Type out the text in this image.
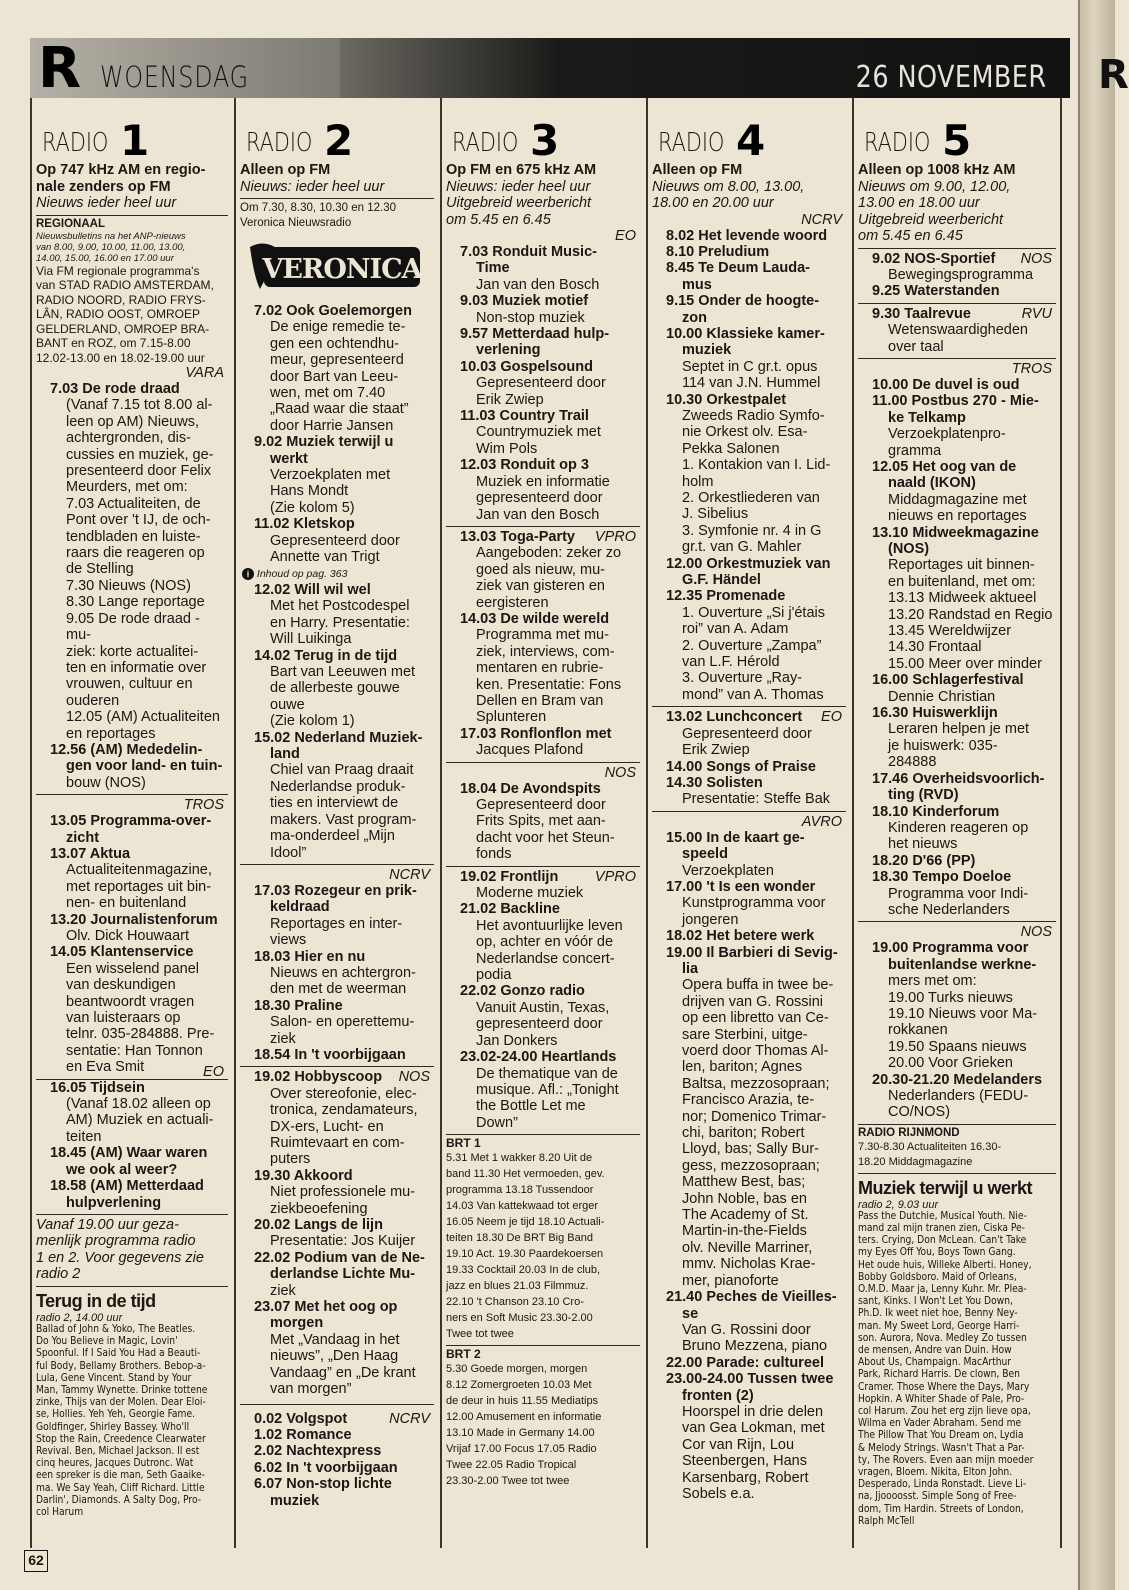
R
R WOENSDAG	26 NOVEMBER
RADIO 1
Op 747 kHz AM en regio-
nale zenders op FM
Nieuws ieder heel uur
REGIONAAL
Nieuwsbulletins na het ANP-nieuws
van 8.00, 9.00, 10.00, 11.00, 13.00,
14.00, 15.00, 16.00 en 17.00 uur
Via FM regionale programma's
van STAD RADIO AMSTERDAM,
RADIO NOORD, RADIO FRYS-
LÂN, RADIO OOST, OMROEP
GELDERLAND, OMROEP BRA-
BANT en ROZ, om 7.15-8.00
12.02-13.00 en 18.02-19.00 uur
VARA
7.03 De rode draad
(Vanaf 7.15 tot 8.00 al-
leen op AM) Nieuws,
achtergronden, dis-
cussies en muziek, ge-
presenteerd door Felix
Meurders, met om:
7.03 Actualiteiten, de
Pont over 't IJ, de och-
tendbladen en luiste-
raars die reageren op
de Stelling
7.30 Nieuws (NOS)
8.30 Lange reportage
9.05 De rode draad - mu-
ziek: korte actualitei-
ten en informatie over
vrouwen, cultuur en
ouderen
12.05 (AM) Actualiteiten
en reportages
12.56 (AM) Mededelin-
gen voor land- en tuin-
bouw (NOS)
TROS
13.05 Programma-over-
zicht
13.07 Aktua
Actualiteitenmagazine,
met reportages uit bin-
nen- en buitenland
13.20 Journalistenforum
Olv. Dick Houwaart
14.05 Klantenservice
Een wisselend panel
van deskundigen
beantwoordt vragen
van luisteraars op
telnr. 035-284888. Pre-
sentatie: Han Tonnon
en Eva Smit	EO
16.05 Tijdsein
(Vanaf 18.02 alleen op
AM) Muziek en actuali-
teiten
18.45 (AM) Waar waren
we ook al weer?
18.58 (AM) Metterdaad
hulpverlening
Vanaf 19.00 uur geza-
menlijk programma radio
1 en 2. Voor gegevens zie
radio 2
Terug in de tijd
radio 2, 14.00 uur
Ballad of John & Yoko, The Beatles.
Do You Believe in Magic, Lovin'
Spoonful. If I Said You Had a Beauti-
ful Body, Bellamy Brothers. Bebop-a-
Lula, Gene Vincent. Stand by Your
Man, Tammy Wynette. Drinke tottene
zinke, Thijs van der Molen. Dear Eloi-
se, Hollies. Yeh Yeh, Georgie Fame.
Goldfinger, Shirley Bassey. Who'll
Stop the Rain, Creedence Clearwater
Revival. Ben, Michael Jackson. Il est
cinq heures, Jacques Dutronc. Wat
een spreker is die man, Seth Gaaike-
ma. We Say Yeah, Cliff Richard. Little
Darlin', Diamonds. A Salty Dog, Pro-
col Harum
RADIO 2
Alleen op FM
Nieuws: ieder heel uur
Om 7.30, 8.30, 10.30 en 12.30
Veronica Nieuwsradio
VERONICA
7.02 Ook Goelemorgen
De enige remedie te-
gen een ochtendhu-
meur, gepresenteerd
door Bart van Leeu-
wen, met om 7.40
„Raad waar die staat”
door Harrie Jansen
9.02 Muziek terwijl u
werkt
Verzoekplaten met
Hans Mondt
(Zie kolom 5)
11.02 Kletskop
Gepresenteerd door
Annette van Trigt
i Inhoud op pag. 363
12.02 Will wil wel
Met het Postcodespel
en Harry. Presentatie:
Will Luikinga
14.02 Terug in de tijd
Bart van Leeuwen met
de allerbeste gouwe
ouwe
(Zie kolom 1)
15.02 Nederland Muziek-
land
Chiel van Praag draait
Nederlandse produk-
ties en interviewt de
makers. Vast program-
ma-onderdeel „Mijn
Idool”
NCRV
17.03 Rozegeur en prik-
keldraad
Reportages en inter-
views
18.03 Hier en nu
Nieuws en achtergron-
den met de weerman
18.30 Praline
Salon- en operettemu-
ziek
18.54 In 't voorbijgaan
NOS
19.02 Hobbyscoop
Over stereofonie, elec-
tronica, zendamateurs,
DX-ers, Lucht- en
Ruimtevaart en com-
puters
19.30 Akkoord
Niet professionele mu-
ziekbeoefening
20.02 Langs de lijn
Presentatie: Jos Kuijer
22.02 Podium van de Ne-
derlandse Lichte Mu-
ziek
23.07 Met het oog op
morgen
Met „Vandaag in het
nieuws”, „Den Haag
Vandaag” en „De krant
van morgen”
NCRV
0.02 Volgspot
1.02 Romance
2.02 Nachtexpress
6.02 In 't voorbijgaan
6.07 Non-stop lichte
muziek
RADIO 3
Op FM en 675 kHz AM
Nieuws: ieder heel uur
Uitgebreid weerbericht
om 5.45 en 6.45
EO
7.03 Ronduit Music-
Time
Jan van den Bosch
9.03 Muziek motief
Non-stop muziek
9.57 Metterdaad hulp-
verlening
10.03 Gospelsound
Gepresenteerd door
Erik Zwiep
11.03 Country Trail
Countrymuziek met
Wim Pols
12.03 Ronduit op 3
Muziek en informatie
gepresenteerd door
Jan van den Bosch
VPRO
13.03 Toga-Party
Aangeboden: zeker zo
goed als nieuw, mu-
ziek van gisteren en
eergisteren
14.03 De wilde wereld
Programma met mu-
ziek, interviews, com-
mentaren en rubrie-
ken. Presentatie: Fons
Dellen en Bram van
Splunteren
17.03 Ronflonflon met
Jacques Plafond
NOS
18.04 De Avondspits
Gepresenteerd door
Frits Spits, met aan-
dacht voor het Steun-
fonds
VPRO
19.02 Frontlijn
Moderne muziek
21.02 Backline
Het avontuurlijke leven
op, achter en vóór de
Nederlandse concert-
podia
22.02 Gonzo radio
Vanuit Austin, Texas,
gepresenteerd door
Jan Donkers
23.02-24.00 Heartlands
De thematique van de
musique. Afl.: „Tonight
the Bottle Let me
Down”
BRT 1
5.31 Met 1 wakker 8.20 Uit de
band 11.30 Het vermoeden, gev.
programma 13.18 Tussendoor
14.03 Van kattekwaad tot erger
16.05 Neem je tijd 18.10 Actuali-
teiten 18.30 De BRT Big Band
19.10 Act. 19.30 Paardekoersen
19.33 Cocktail 20.03 In de club,
jazz en blues 21.03 Filmmuz.
22.10 't Chanson 23.10 Cro-
ners en Soft Music 23.30-2.00
Twee tot twee
BRT 2
5.30 Goede morgen, morgen
8.12 Zomergroeten 10.03 Met
de deur in huis 11.55 Mediatips
12.00 Amusement en informatie
13.10 Made in Germany 14.00
Vrijaf 17.00 Focus 17.05 Radio
Twee 22.05 Radio Tropical
23.30-2.00 Twee tot twee
RADIO 4
Alleen op FM
Nieuws om 8.00, 13.00,
18.00 en 20.00 uur
NCRV
8.02 Het levende woord
8.10 Preludium
8.45 Te Deum Lauda-
mus
9.15 Onder de hoogte-
zon
10.00 Klassieke kamer-
muziek
Septet in C gr.t. opus
114 van J.N. Hummel
10.30 Orkestpalet
Zweeds Radio Symfo-
nie Orkest olv. Esa-
Pekka Salonen
1. Kontakion van I. Lid-
holm
2. Orkestliederen van
J. Sibelius
3. Symfonie nr. 4 in G
gr.t. van G. Mahler
12.00 Orkestmuziek van
G.F. Händel
12.35 Promenade
1. Ouverture „Si j'étais
roi” van A. Adam
2. Ouverture „Zampa”
van L.F. Hérold
3. Ouverture „Ray-
mond” van A. Thomas
EO
13.02 Lunchconcert
Gepresenteerd door
Erik Zwiep
14.00 Songs of Praise
14.30 Solisten
Presentatie: Steffe Bak
AVRO
15.00 In de kaart ge-
speeld
Verzoekplaten
17.00 't Is een wonder
Kunstprogramma voor
jongeren
18.02 Het betere werk
19.00 Il Barbieri di Sevig-
lia
Opera buffa in twee be-
drijven van G. Rossini
op een libretto van Ce-
sare Sterbini, uitge-
voerd door Thomas Al-
len, bariton; Agnes
Baltsa, mezzosopraan;
Francisco Arazia, te-
nor; Domenico Trimar-
chi, bariton; Robert
Lloyd, bas; Sally Bur-
gess, mezzosopraan;
Matthew Best, bas;
John Noble, bas en
The Academy of St.
Martin-in-the-Fields
olv. Neville Marriner,
mmv. Nicholas Kraе-
mer, pianoforte
21.40 Peches de Vieilles-
se
Van G. Rossini door
Bruno Mezzena, piano
22.00 Parade: cultureel
23.00-24.00 Tussen twee
fronten (2)
Hoorspel in drie delen
van Gea Lokman, met
Cor van Rijn, Lou
Steenbergen, Hans
Karsenbarg, Robert
Sobels e.a.
RADIO 5
Alleen op 1008 kHz AM
Nieuws om 9.00, 12.00,
13.00 en 18.00 uur
Uitgebreid weerbericht
om 5.45 en 6.45
9.02 NOS-Sportief NOS
Bewegingsprogramma
9.25 Waterstanden
9.30 Taalrevue	RVU
Wetenswaardigheden
over taal
TROS
10.00 De duvel is oud
11.00 Postbus 270 - Mie-
ke Telkamp
Verzoekplatenpro-
gramma
12.05 Het oog van de
naald (IKON)
Middagmagazine met
nieuws en reportages
13.10 Midweekmagazine
(NOS)
Reportages uit binnen-
en buitenland, met om:
13.13 Midweek aktueel
13.20 Randstad en Regio
13.45 Wereldwijzer
14.30 Frontaal
15.00 Meer over minder
16.00 Schlagerfestival
Dennie Christian
16.30 Huiswerklijn
Leraren helpen je met
je huiswerk: 035-
284888
17.46 Overheidsvoorlich-
ting (RVD)
18.10 Kinderforum
Kinderen reageren op
het nieuws
18.20 D'66 (PP)
18.30 Tempo Doeloe
Programma voor Indi-
sche Nederlanders
NOS
19.00 Programma voor
buitenlandse werkne-
mers met om:
19.00 Turks nieuws
19.10 Nieuws voor Ma-
rokkanen
19.50 Spaans nieuws
20.00 Voor Grieken
20.30-21.20 Medelanders
Nederlanders (FEDU-
CO/NOS)
RADIO RIJNMOND
7.30-8.30 Actualiteiten 16.30-
18.20 Middagmagazine
Muziek terwijl u werkt
radio 2, 9.03 uur
Pass the Dutchie, Musical Youth. Nie-
mand zal mijn tranen zien, Ciska Pe-
ters. Crying, Don McLean. Can't Take
my Eyes Off You, Boys Town Gang.
Het oude huis, Willeke Alberti. Honey,
Bobby Goldsboro. Maid of Orleans,
O.M.D. Maar ja, Lenny Kuhr. Mr. Plea-
sant, Kinks. I Won't Let You Down,
Ph.D. Ik weet niet hoe, Benny Ney-
man. My Sweet Lord, George Harri-
son. Aurora, Nova. Medley Zo tussen
de mensen, Andre van Duin. How
About Us, Champaign. MacArthur
Park, Richard Harris. De clown, Ben
Cramer. Those Where the Days, Mary
Hopkin. A Whiter Shade of Pale, Pro-
col Harum. Zou het erg zijn lieve opa,
Wilma en Vader Abraham. Send me
The Pillow That You Dream on, Lydia
& Melody Strings. Wasn't That a Par-
ty, The Rovers. Even aan mijn moeder
vragen, Bloem. Nikita, Elton John.
Desperado, Linda Ronstadt. Lieve Li-
na, Jjoooosst. Simple Song of Free-
dom, Tim Hardin. Streets of London,
Ralph McTell
62
